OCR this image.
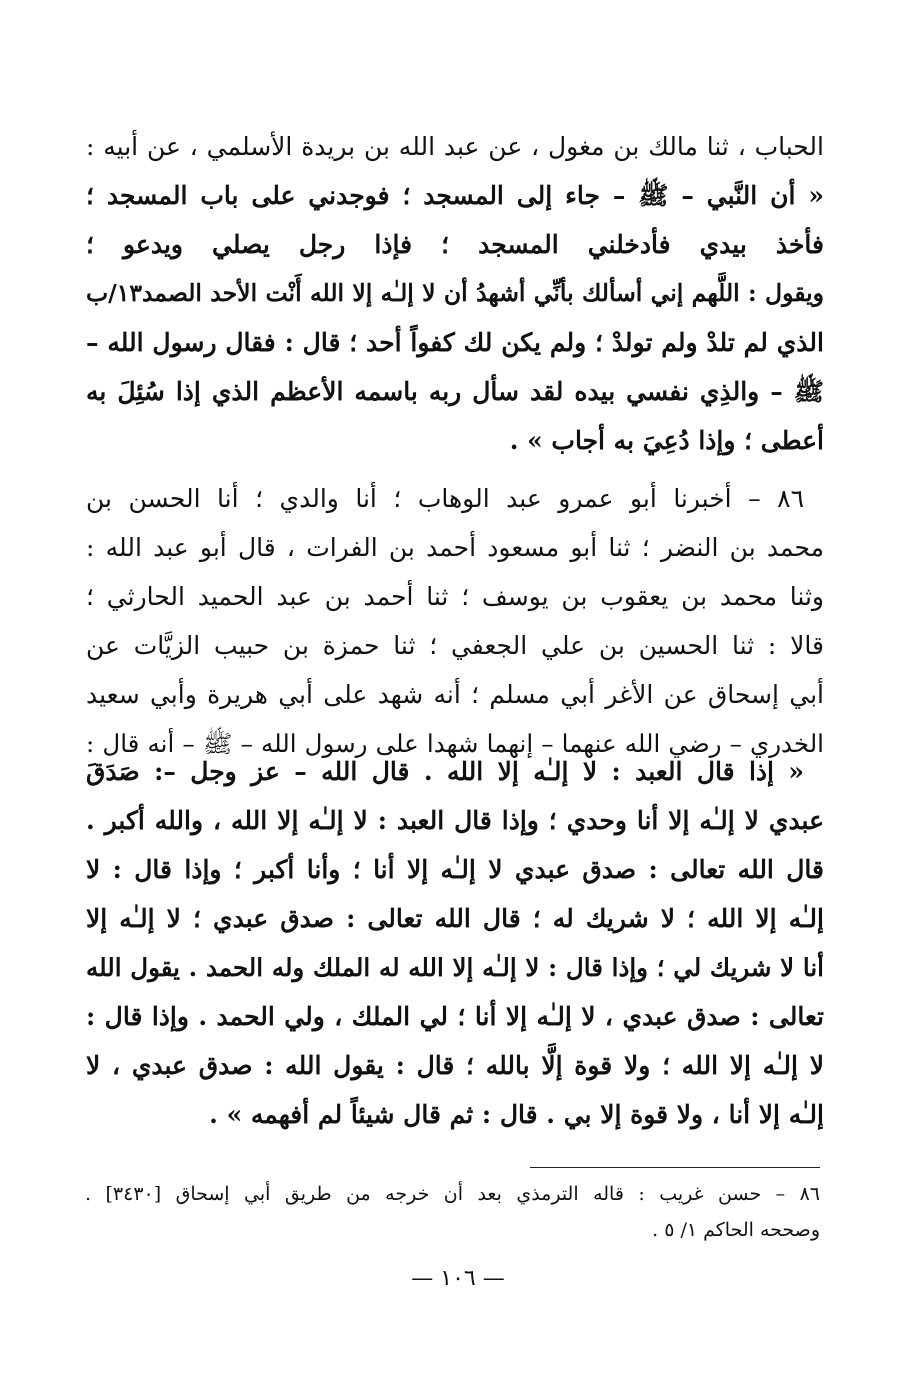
الحباب ، ثنا مالك بن مغول ، عن عبد الله بن بريدة الأسلمي ، عن أبيه :
« أن النَّبي – ﷺ – جاء إلى المسجد ؛ فوجدني على باب المسجد ؛
فأخذ بيدي فأدخلني المسجد ؛ فإذا رجل يصلي ويدعو ؛
ويقول : اللَّهم إني أسألك بأنِّي أشهدُ أن لا إلـٰه إلا الله أَنْت الأحد الصمد١٣/ب
الذي لم تلدْ ولم تولدْ ؛ ولم يكن لك كفواً أحد ؛ قال : فقال رسول الله –
ﷺ – والذِي نفسي بيده لقد سأل ربه باسمه الأعظم الذي إذا سُئِلَ به
أعطى ؛ وإذا دُعِيَ به أجاب » .
٨٦ – أخبرنا أبو عمرو عبد الوهاب ؛ أنا والدي ؛ أنا الحسن بن
محمد بن النضر ؛ ثنا أبو مسعود أحمد بن الفرات ، قال أبو عبد الله :
وثنا محمد بن يعقوب بن يوسف ؛ ثنا أحمد بن عبد الحميد الحارثي ؛
قالا : ثنا الحسين بن علي الجعفي ؛ ثنا حمزة بن حبيب الزيَّات عن
أبي إسحاق عن الأغر أبي مسلم ؛ أنه شهد على أبي هريرة وأبي سعيد
الخدري – رضي الله عنهما – إنهما شهدا على رسول الله – ﷺ – أنه قال :
« إذا قال العبد : لا إلـٰه إلا الله . قال الله – عز وجل –: صَدَقَ
عبدي لا إلـٰه إلا أنا وحدي ؛ وإذا قال العبد : لا إلـٰه إلا الله ، والله أكبر .
قال الله تعالى : صدق عبدي لا إلـٰه إلا أنا ؛ وأنا أكبر ؛ وإذا قال : لا
إلـٰه إلا الله ؛ لا شريك له ؛ قال الله تعالى : صدق عبدي ؛ لا إلـٰه إلا
أنا لا شريك لي ؛ وإذا قال : لا إلـٰه إلا الله له الملك وله الحمد . يقول الله
تعالى : صدق عبدي ، لا إلـٰه إلا أنا ؛ لي الملك ، ولي الحمد . وإذا قال :
لا إلـٰه إلا الله ؛ ولا قوة إلَّا بالله ؛ قال : يقول الله : صدق عبدي ، لا
إلـٰه إلا أنا ، ولا قوة إلا بي . قال : ثم قال شيئاً لم أفهمه » .
٨٦ – حسن غريب : قاله الترمذي بعد أن خرجه من طريق أبي إسحاق [٣٤٣٠] .
وصححه الحاكم ١/ ٥ .
— ١٠٦ —
